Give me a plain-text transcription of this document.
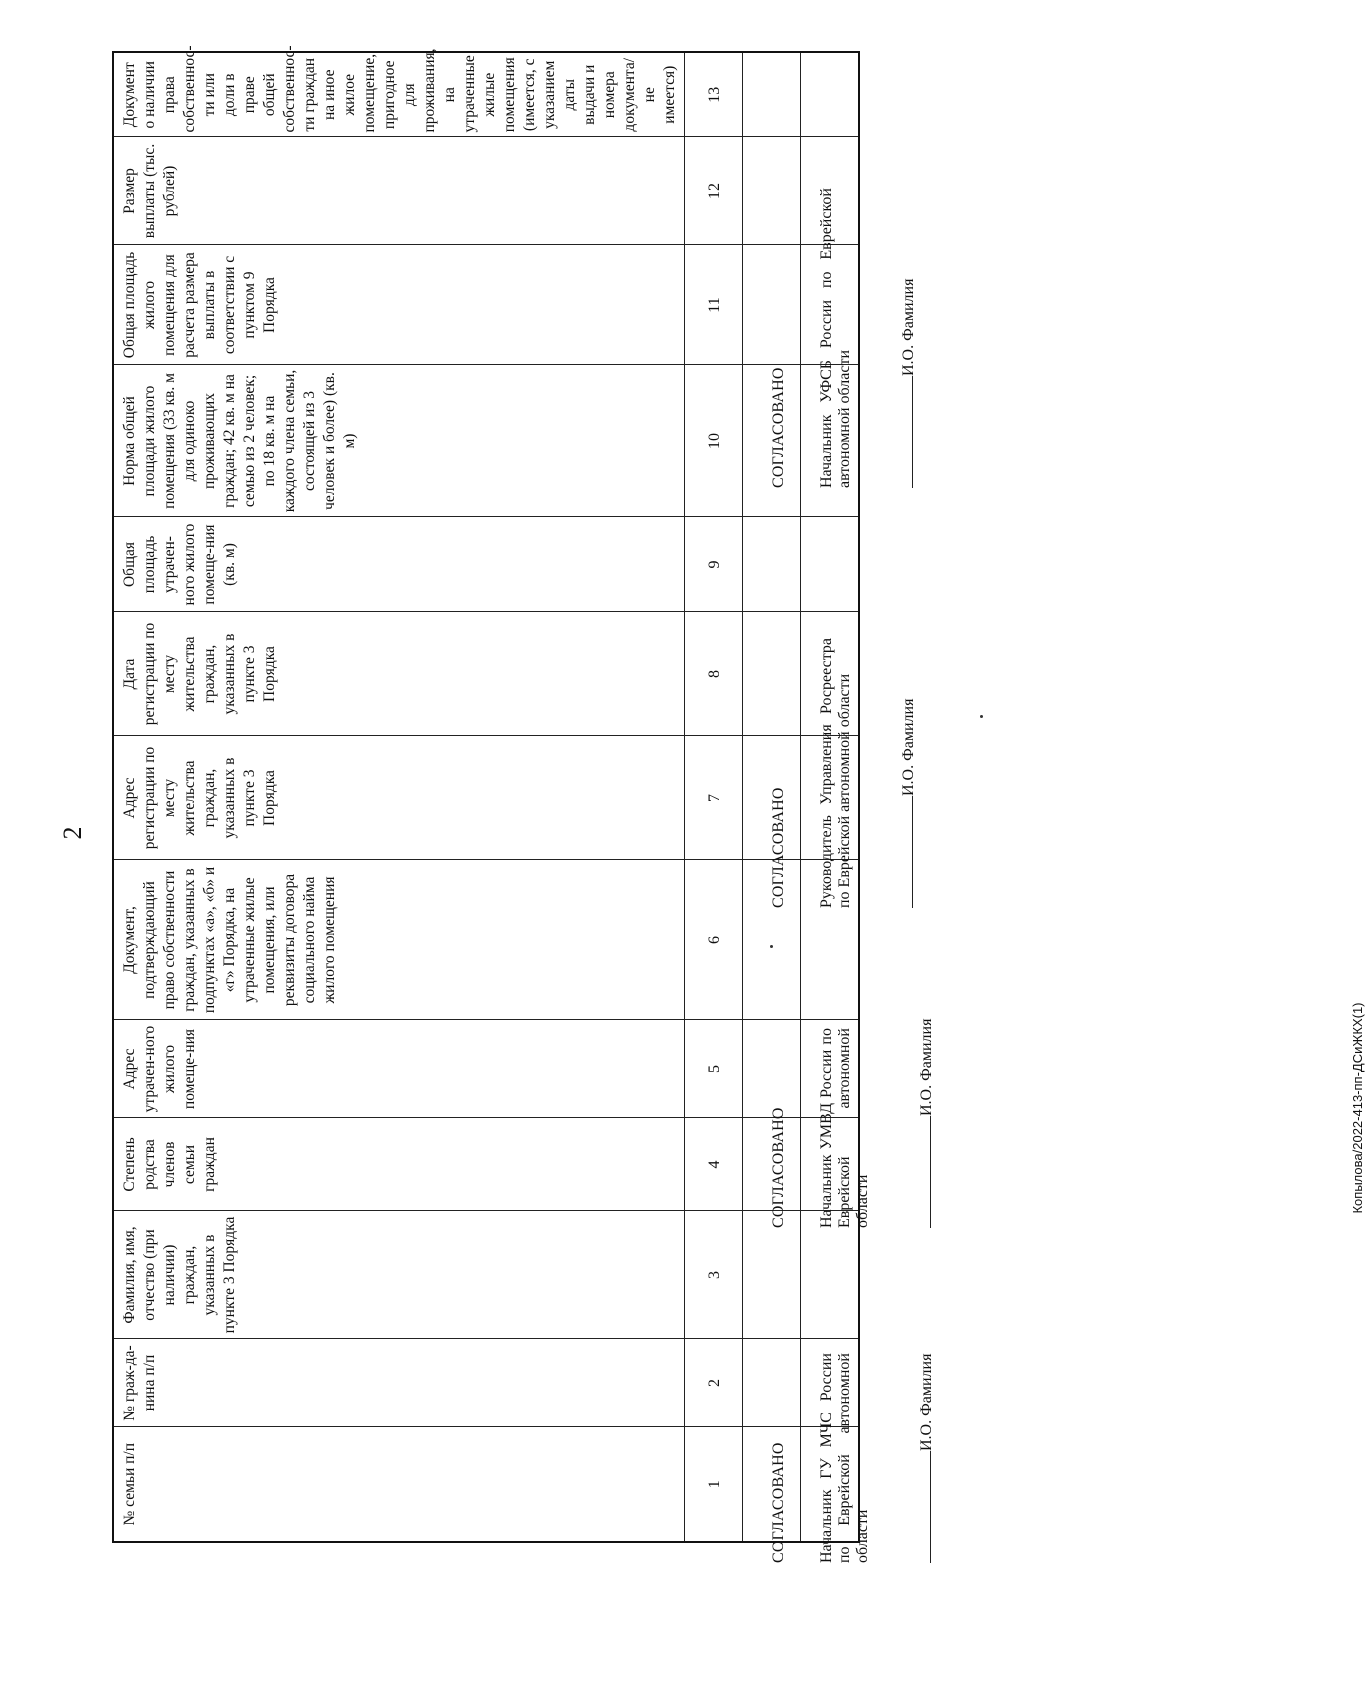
2
№ семьи п/п	№ граж-да-нина п/п	Фамилия, имя, отчество (при наличии) граждан, указанных в пункте 3 Порядка	Степень родства членов семьи граждан	Адрес утрачен-ного жилого помеще-ния	Документ, подтверждающий право собственности граждан, указанных в подпунктах «а», «б» и «г» Порядка, на утраченные жилые помещения, или реквизиты договора социального найма жилого помещения	Адрес регистрации по месту жительства граждан, указанных в пункте 3 Порядка	Дата регистрации по месту жительства граждан, указанных в пункте 3 Порядка	Общая площадь утрачен-ного жилого помеще-ния (кв. м)	Норма общей площади жилого помещения (33 кв. м для одиноко проживающих граждан; 42 кв. м на семью из 2 человек; по 18 кв. м на каждого члена семьи, состоящей из 3 человек и более) (кв. м)	Общая площадь жилого помещения для расчета размера выплаты в соответствии с пунктом 9 Порядка	Размер выплаты (тыс. рублей)	Документ о наличии права собственнос-ти или доли в праве общей собственнос-ти граждан на иное жилое помещение, пригодное для проживания, на утраченные жилые помещения (имеется, с указанием даты выдачи и номера документа/ не имеется)
1	2	3	4	5	6	7	8	9	10	11	12	13

СОГЛАСОВАНО Начальник ГУ МЧС России по Еврейской автономной области
И.О. Фамилия
СОГЛАСОВАНО Начальник УМВД России по Еврейской автономной области
И.О. Фамилия
СОГЛАСОВАНО Руководитель Управления Росреестра по Еврейской автономной области	И.О. Фамилия
СОГЛАСОВАНО Начальник УФСБ России по Еврейской автономной области
И.О. Фамилия
Копылова/2022-413-пп-ДСиЖКХ(1)
